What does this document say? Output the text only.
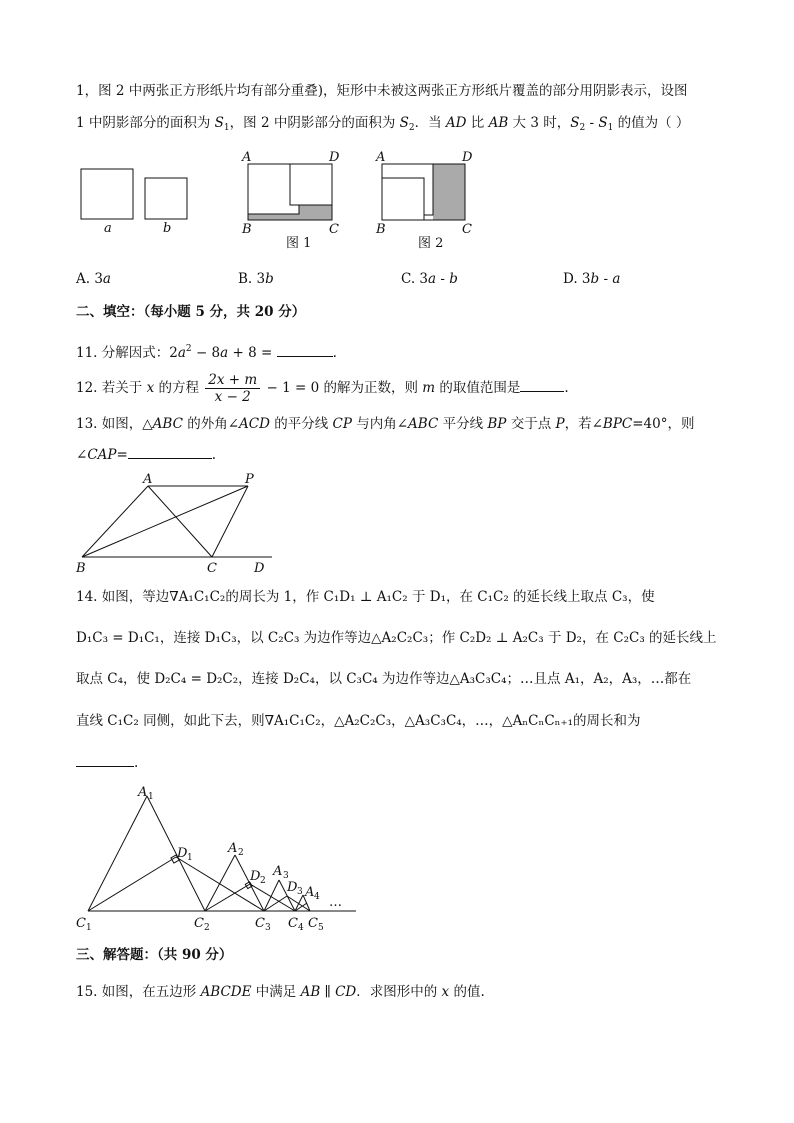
1，图 2 中两张正方形纸片均有部分重叠)，矩形中未被这两张正方形纸片覆盖的部分用阴影表示，设图
1 中阴影部分的面积为 $S_1$，图 2 中阴影部分的面积为 $S_2$．当 AD 比 AB 大 3 时，$S_2 - S_1$ 的值为（ ）
a	b
A	D
B	C
图 1
A	D
B	C
图 2
A. 3a	B. 3b	C. 3a - b	D. 3b - a
二、填空：（每小题 5 分，共 20 分）
11. 分解因式：$2a^2 - 8a + 8$ =	.
12. 若关于 x 的方程 $\frac{2x + m}{x - 2} - 1 = 0$ 的解为正数，则 m 的取值范围是	.
13. 如图，△ABC 的外角∠ACD 的平分线 CP 与内角∠ABC 平分线 BP 交于点 P，若∠BPC=40°，则
∠CAP=	.
A	P
B	C	D
14. 如图，等边∇A₁C₁C₂的周长为 1，作 C₁D₁ ⊥ A₁C₂ 于 D₁，在 C₁C₂ 的延长线上取点 C₃，使
D₁C₃ = D₁C₁，连接 D₁C₃，以 C₂C₃ 为边作等边△A₂C₂C₃；作 C₂D₂ ⊥ A₂C₃ 于 D₂，在 C₂C₃ 的延长线上
取点 C₄，使 D₂C₄ = D₂C₂，连接 D₂C₄，以 C₃C₄ 为边作等边△A₃C₃C₄；…且点 A₁，A₂，A₃，…都在
直线 C₁C₂ 同侧，如此下去，则∇A₁C₁C₂，△A₂C₂C₃，△A₃C₃C₄，…，△AₙCₙCₙ₊₁的周长和为
.
A 1
D 1
A 2
D 2
A 3
D 3 A 4 …
C 1	C 2	C 3 C 4 C 5
三、解答题：（共 90 分）
15. 如图，在五边形 ABCDE 中满足 AB ∥ CD．求图形中的 x 的值.
